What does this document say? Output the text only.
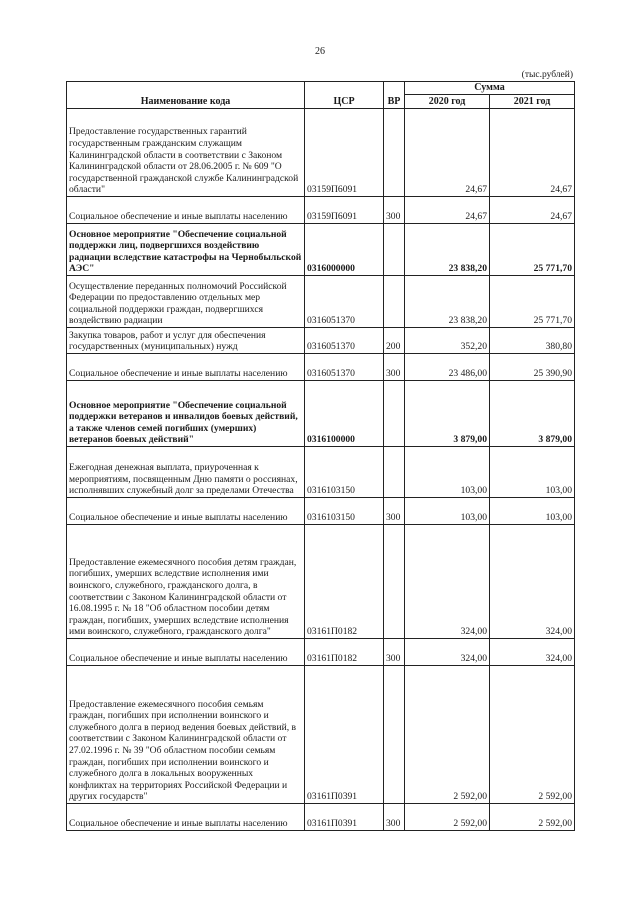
26
(тыс.рублей)
Наименование кода	ЦСР	ВР	Сумма	
			2020 год	2021 год
Предоставление государственных гарантий государственным гражданским служащим Калининградской области в соответствии с Законом Калининградской области от 28.06.2005 г. № 609 "О государственной гражданской службе Калининградской области"	03159П6091		24,67	24,67
Социальное обеспечение и иные выплаты населению	03159П6091	300	24,67	24,67
Основное мероприятие "Обеспечение социальной поддержки лиц, подвергшихся воздействию радиации вследствие катастрофы на Чернобыльской АЭС"	0316000000		23 838,20	25 771,70
Осуществление переданных полномочий Российской Федерации по предоставлению отдельных мер социальной поддержки граждан, подвергшихся воздействию радиации	0316051370		23 838,20	25 771,70
Закупка товаров, работ и услуг для обеспечения государственных (муниципальных) нужд	0316051370	200	352,20	380,80
Социальное обеспечение и иные выплаты населению	0316051370	300	23 486,00	25 390,90
Основное мероприятие "Обеспечение социальной поддержки ветеранов и инвалидов боевых действий, а также членов семей погибших (умерших) ветеранов боевых действий"	0316100000		3 879,00	3 879,00
Ежегодная денежная выплата, приуроченная к мероприятиям, посвященным Дню памяти о россиянах, исполнявших служебный долг за пределами Отечества	0316103150		103,00	103,00
Социальное обеспечение и иные выплаты населению	0316103150	300	103,00	103,00
Предоставление ежемесячного пособия детям граждан, погибших, умерших вследствие исполнения ими воинского, служебного, гражданского долга, в соответствии с Законом Калининградской области от 16.08.1995 г. № 18 "Об областном пособии детям граждан, погибших, умерших вследствие исполнения ими воинского, служебного, гражданского долга"	03161П0182		324,00	324,00
Социальное обеспечение и иные выплаты населению	03161П0182	300	324,00	324,00
Предоставление ежемесячного пособия семьям граждан, погибших при исполнении воинского и служебного долга в период ведения боевых действий, в соответствии с Законом Калининградской области от 27.02.1996 г. № 39 "Об областном пособии семьям граждан, погибших при исполнении воинского и служебного долга в локальных вооруженных конфликтах на территориях Российской Федерации и других государств"	03161П0391		2 592,00	2 592,00
Социальное обеспечение и иные выплаты населению	03161П0391	300	2 592,00	2 592,00
